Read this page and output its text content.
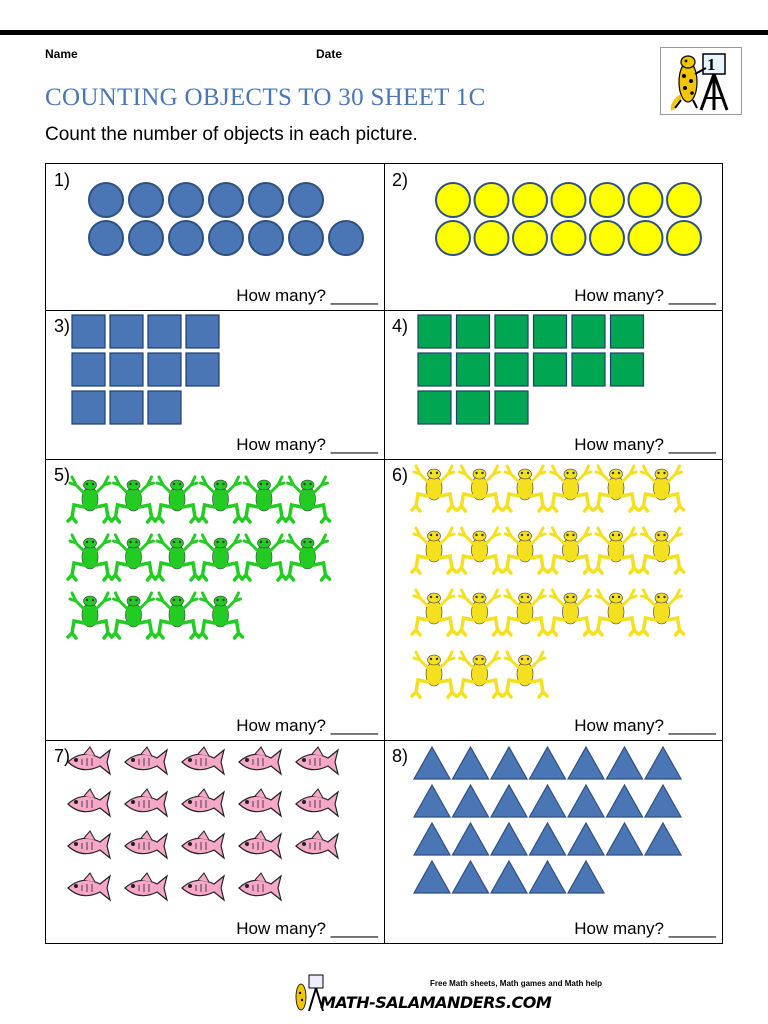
Name	Date
COUNTING OBJECTS TO 30 SHEET 1C
Count the number of objects in each picture.
1
1)
How many? _____
2)
How many? _____
3)
How many? _____
4)
How many? _____
5)
How many? _____
6)
How many? _____
7)
How many? _____
8)
How many? _____
Free Math sheets, Math games and Math help
MATH-SALAMANDERS.COM
